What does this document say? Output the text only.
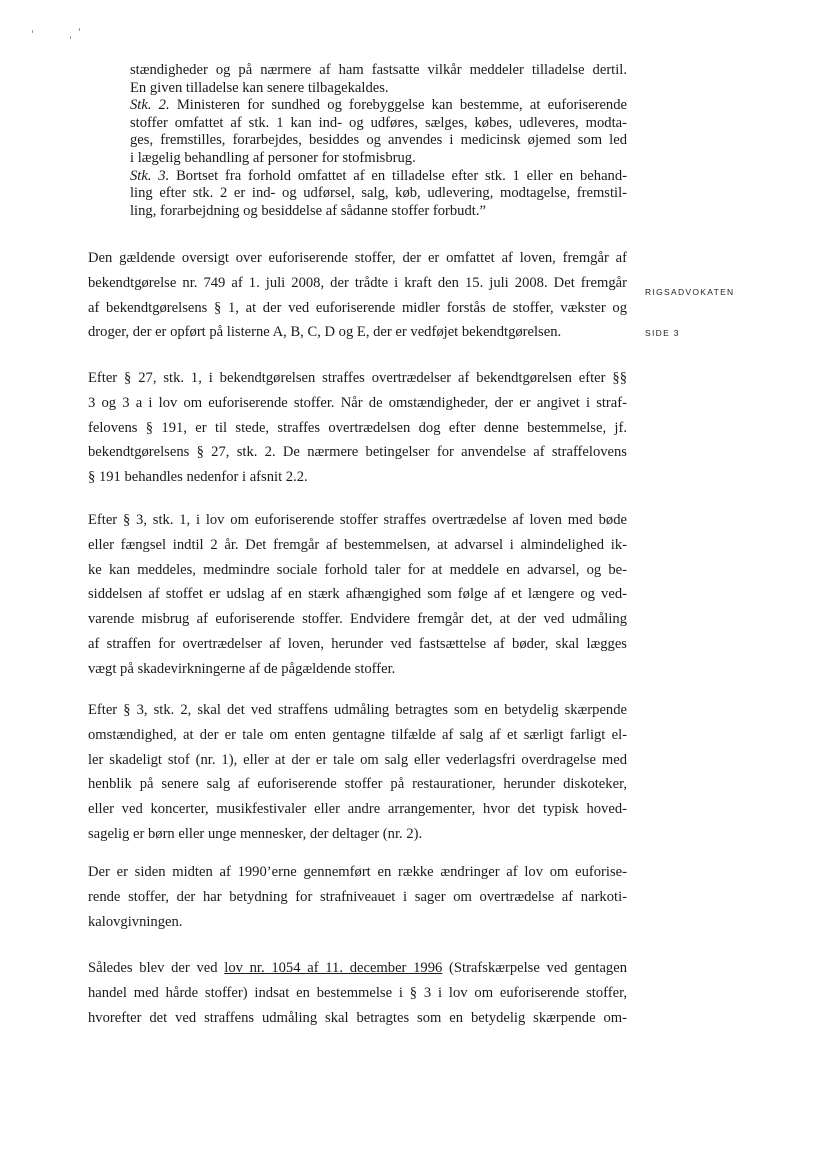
RIGSADVOKATEN
SIDE 3
stændigheder og på nærmere af ham fastsatte vilkår meddeler tilladelse dertil.
En given tilladelse kan senere tilbagekaldes.
Stk. 2. Ministeren for sundhed og forebyggelse kan bestemme, at euforiserende
stoffer omfattet af stk. 1 kan ind- og udføres, sælges, købes, udleveres, modta-
ges, fremstilles, forarbejdes, besiddes og anvendes i medicinsk øjemed som led
i lægelig behandling af personer for stofmisbrug.
Stk. 3. Bortset fra forhold omfattet af en tilladelse efter stk. 1 eller en behand-
ling efter stk. 2 er ind- og udførsel, salg, køb, udlevering, modtagelse, fremstil-
ling, forarbejdning og besiddelse af sådanne stoffer forbudt.”
Den gældende oversigt over euforiserende stoffer, der er omfattet af loven, fremgår af
bekendtgørelse nr. 749 af 1. juli 2008, der trådte i kraft den 15. juli 2008. Det fremgår
af bekendtgørelsens § 1, at der ved euforiserende midler forstås de stoffer, vækster og
droger, der er opført på listerne A, B, C, D og E, der er vedføjet bekendtgørelsen.
Efter § 27, stk. 1, i bekendtgørelsen straffes overtrædelser af bekendtgørelsen efter §§
3 og 3 a i lov om euforiserende stoffer. Når de omstændigheder, der er angivet i straf-
felovens § 191, er til stede, straffes overtrædelsen dog efter denne bestemmelse, jf.
bekendtgørelsens § 27, stk. 2. De nærmere betingelser for anvendelse af straffelovens
§ 191 behandles nedenfor i afsnit 2.2.
Efter § 3, stk. 1, i lov om euforiserende stoffer straffes overtrædelse af loven med bøde
eller fængsel indtil 2 år. Det fremgår af bestemmelsen, at advarsel i almindelighed ik-
ke kan meddeles, medmindre sociale forhold taler for at meddele en advarsel, og be-
siddelsen af stoffet er udslag af en stærk afhængighed som følge af et længere og ved-
varende misbrug af euforiserende stoffer. Endvidere fremgår det, at der ved udmåling
af straffen for overtrædelser af loven, herunder ved fastsættelse af bøder, skal lægges
vægt på skadevirkningerne af de pågældende stoffer.
Efter § 3, stk. 2, skal det ved straffens udmåling betragtes som en betydelig skærpende
omstændighed, at der er tale om enten gentagne tilfælde af salg af et særligt farligt el-
ler skadeligt stof (nr. 1), eller at der er tale om salg eller vederlagsfri overdragelse med
henblik på senere salg af euforiserende stoffer på restaurationer, herunder diskoteker,
eller ved koncerter, musikfestivaler eller andre arrangementer, hvor det typisk hoved-
sagelig er børn eller unge mennesker, der deltager (nr. 2).
Der er siden midten af 1990’erne gennemført en række ændringer af lov om euforise-
rende stoffer, der har betydning for strafniveauet i sager om overtrædelse af narkoti-
kalovgivningen.
Således blev der ved lov nr. 1054 af 11. december 1996 (Strafskærpelse ved gentagen
handel med hårde stoffer) indsat en bestemmelse i § 3 i lov om euforiserende stoffer,
hvorefter det ved straffens udmåling skal betragtes som en betydelig skærpende om-
